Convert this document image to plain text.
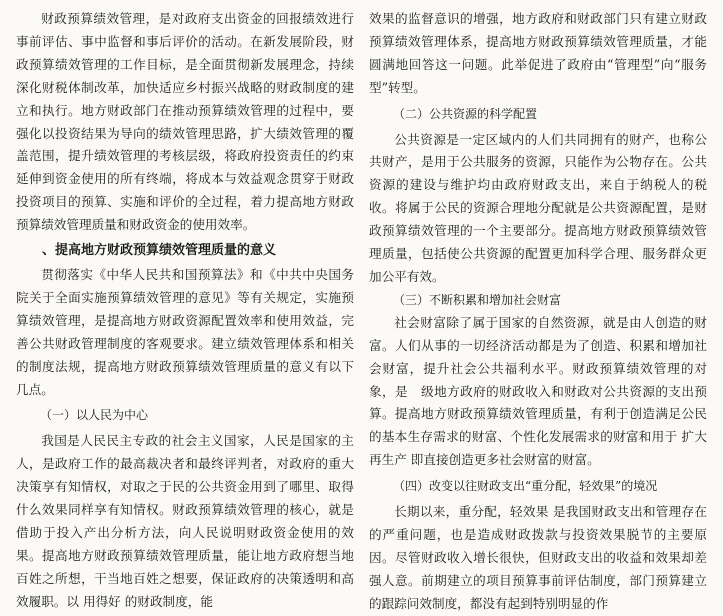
财政预算绩效管理，是对政府支出资金的回报绩效进行事前评估、事中监督和事后评价的活动。在新发展阶段，财政预算绩效管理的工作目标，是全面贯彻新发展理念，持续深化财税体制改革，加快适应乡村振兴战略的财政制度的建立和执行。地方财政部门在推动预算绩效管理的过程中，要强化以投资结果为导向的绩效管理思路，扩大绩效管理的覆盖范围，提升绩效管理的考核层级，将政府投资责任的约束延伸到资金使用的所有终端，将成本与效益观念贯穿于财政投资项目的预算、实施和评价的全过程，着力提高地方财政预算绩效管理质量和财政资金的使用效率。

、提高地方财政预算绩效管理质量的意义

贯彻落实《中华人民共和国预算法》和《中共中央国务院关于全面实施预算绩效管理的意见》等有关规定，实施预算绩效管理，是提高地方财政资源配置效率和使用效益，完善公共财政管理制度的客观要求。建立绩效管理体系和相关的制度法规，提高地方财政预算绩效管理质量的意义有以下几点。

（一）以人民为中心

我国是人民民主专政的社会主义国家，人民是国家的主人，是政府工作的最高裁决者和最终评判者，对政府的重大决策享有知情权，对取之于民的公共资金用到了哪里、取得什么效果同样享有知情权。财政预算绩效管理的核心，就是借助于投入产出分析方法，向人民说明财政资金使用的效果。提高地方财政预算绩效管理质量，能让地方政府想当地百姓之所想，干当地百姓之想要，保证政府的决策透明和高效履职。以 用得好 的财政制度，能

效果的监督意识的增强，地方政府和财政部门只有建立财政预算绩效管理体系，提高地方财政预算绩效管理质量，才能圆满地回答这一问题。此举促进了政府由“管理型”向“服务型”转型。

（二）公共资源的科学配置

公共资源是一定区域内的人们共同拥有的财产，也称公共财产，是用于公共服务的资源，只能作为公物存在。公共资源的建设与维护均由政府财政支出，来自于纳税人的税收。将属于公民的资源合理地分配就是公共资源配置，是财政预算绩效管理的一个主要部分。提高地方财政预算绩效管理质量，包括使公共资源的配置更加科学合理、服务群众更加公平有效。

（三）不断积累和增加社会财富

社会财富除了属于国家的自然资源，就是由人创造的财富。人们从事的一切经济活动都是为了创造、积累和增加社会财富，提升社会公共福利水平。财政预算绩效管理的对象，是　级地方政府的财政收入和财政对公共资源的支出预算。提高地方财政预算绩效管理质量，有利于创造满足公民的基本生存需求的财富、个性化发展需求的财富和用于 扩大再生产 即直接创造更多社会财富的财富。

（四）改变以往财政支出“重分配，轻效果”的境况

长期以来，重分配，轻效果 是我国财政支出和管理存在的严重问题，也是造成财政拨款与投资效果脱节的主要原因。尽管财政收入增长很快，但财政支出的收益和效果却差强人意。前期建立的项目预算事前评估制度，部门预算建立的跟踪问效制度，都没有起到特别明显的作
